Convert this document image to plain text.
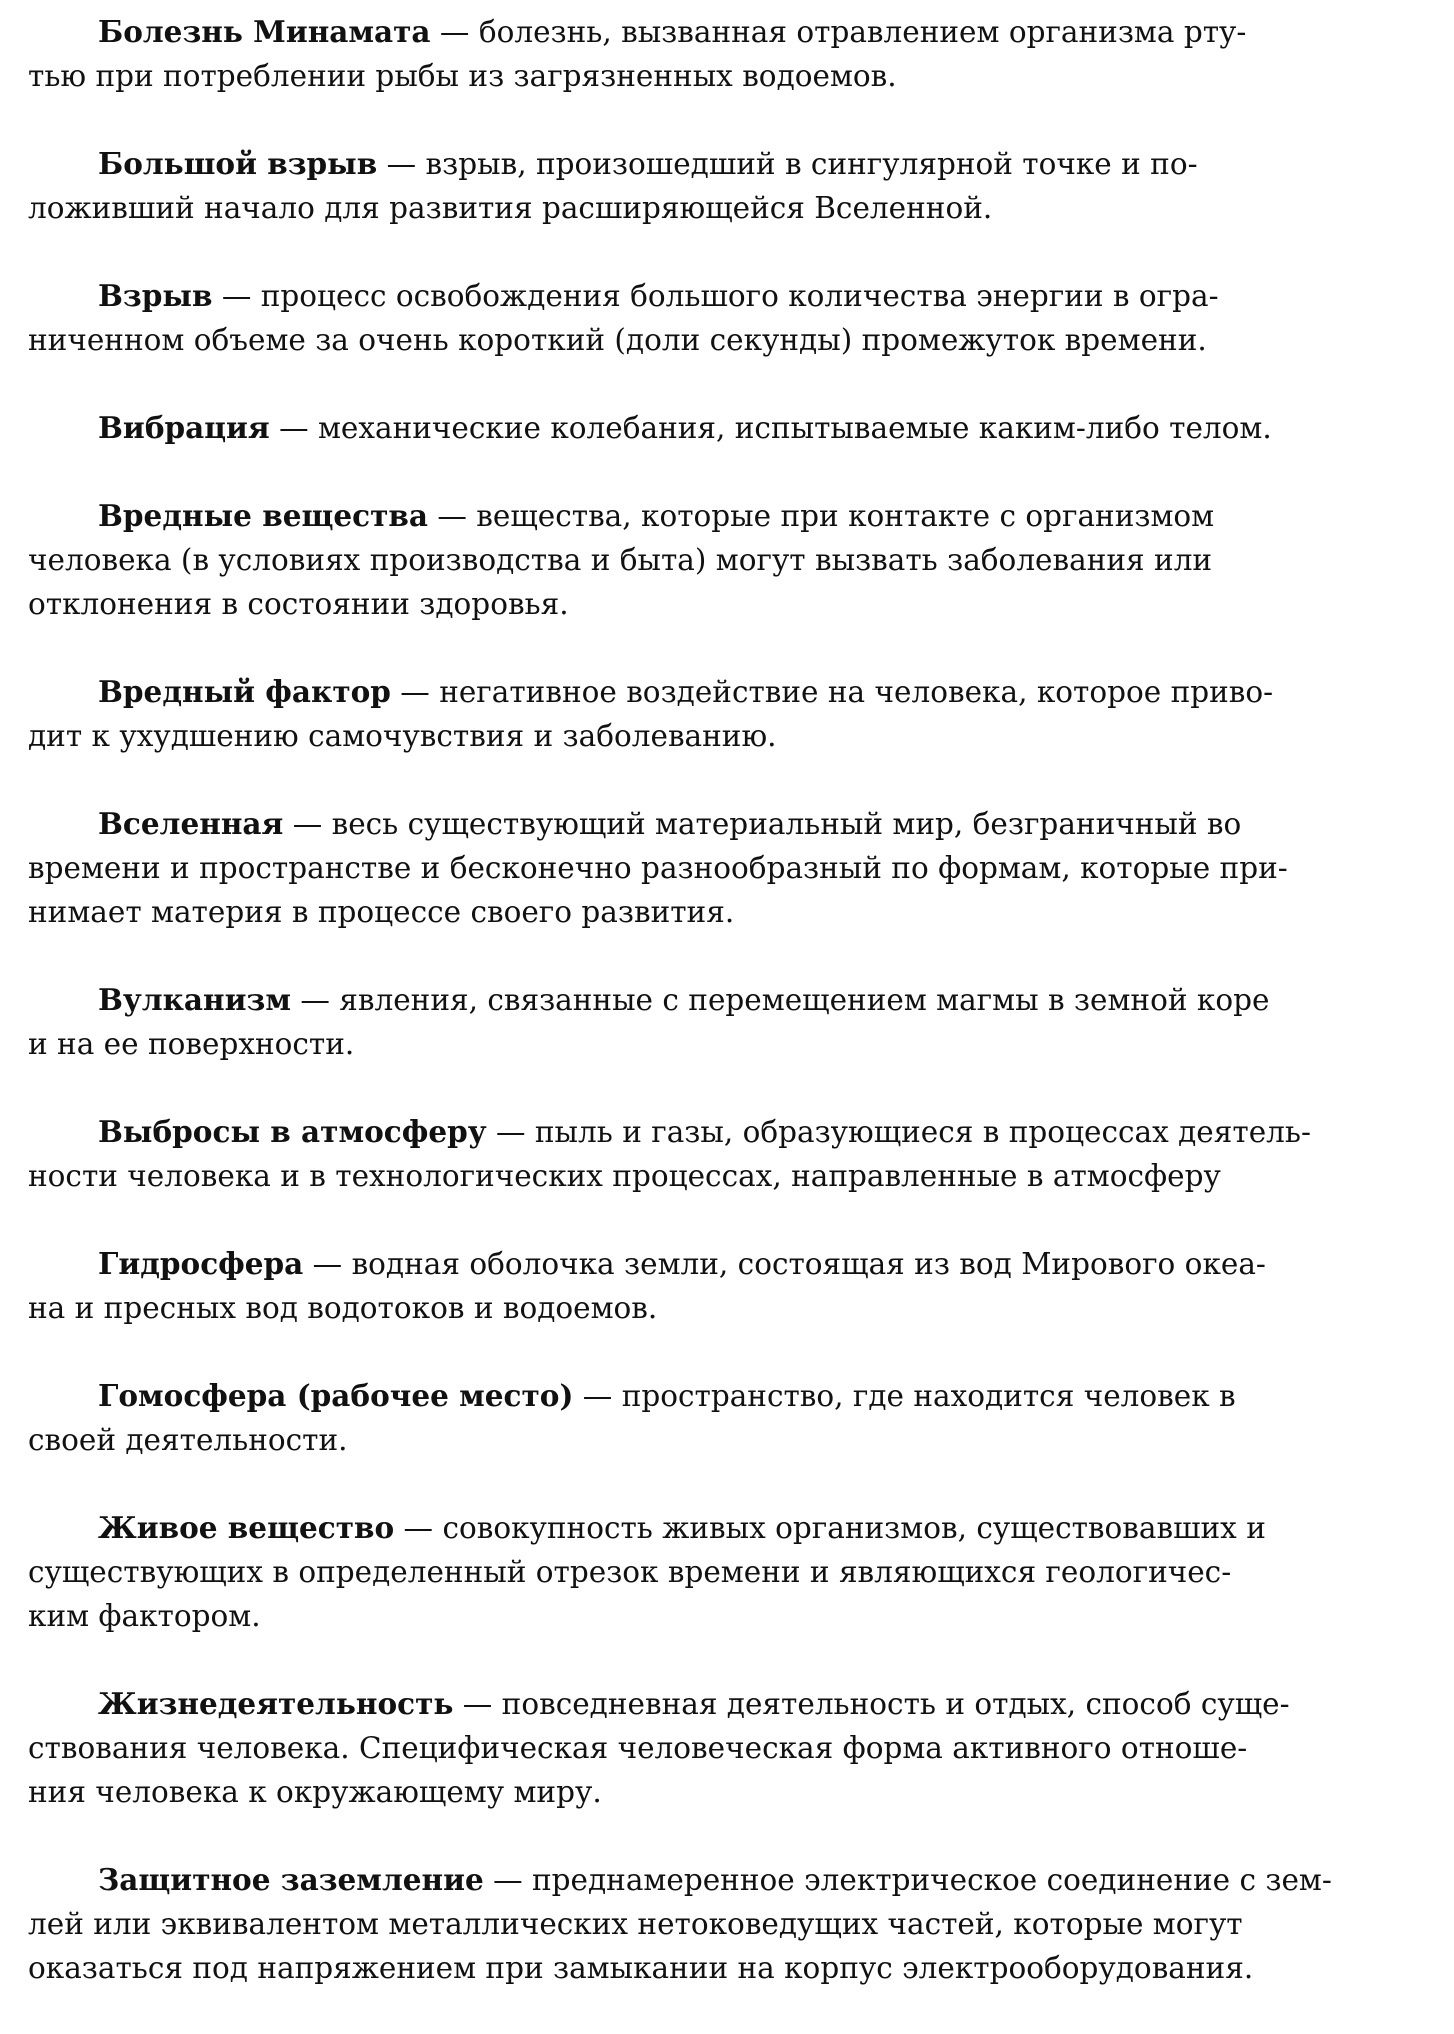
Болезнь Минамата — болезнь, вызванная отравлением организма рту-
тью при потреблении рыбы из загрязненных водоемов.

Большой взрыв — взрыв, произошедший в сингулярной точке и по-
ложивший начало для развития расширяющейся Вселенной.

Взрыв — процесс освобождения большого количества энергии в огра-
ниченном объеме за очень короткий (доли секунды) промежуток времени.

Вибрация — механические колебания, испытываемые каким-либо телом.

Вредные вещества — вещества, которые при контакте с организмом
человека (в условиях производства и быта) могут вызвать заболевания или
отклонения в состоянии здоровья.

Вредный фактор — негативное воздействие на человека, которое приво-
дит к ухудшению самочувствия и заболеванию.

Вселенная — весь существующий материальный мир, безграничный во
времени и пространстве и бесконечно разнообразный по формам, которые при-
нимает материя в процессе своего развития.

Вулканизм — явления, связанные с перемещением магмы в земной коре
и на ее поверхности.

Выбросы в атмосферу — пыль и газы, образующиеся в процессах деятель-
ности человека и в технологических процессах, направленные в атмосферу

Гидросфера — водная оболочка земли, состоящая из вод Мирового океа-
на и пресных вод водотоков и водоемов.

Гомосфера (рабочее место) — пространство, где находится человек в
своей деятельности.

Живое вещество — совокупность живых организмов, существовавших и
существующих в определенный отрезок времени и являющихся геологичес-
ким фактором.

Жизнедеятельность — повседневная деятельность и отдых, способ суще-
ствования человека. Специфическая человеческая форма активного отноше-
ния человека к окружающему миру.

Защитное заземление — преднамеренное электрическое соединение с зем-
лей или эквивалентом металлических нетоковедущих частей, которые могут
оказаться под напряжением при замыкании на корпус электрооборудования.
